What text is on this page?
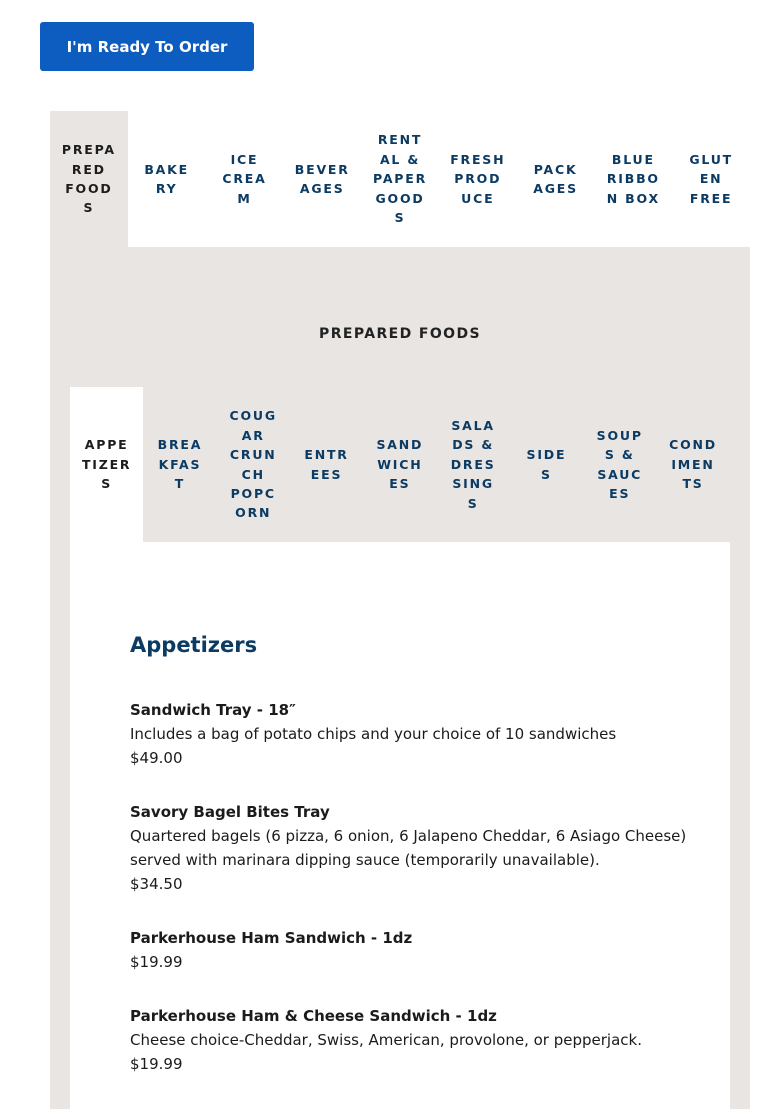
I'm Ready To Order
PREPA
RED
FOOD
S
BAKE
RY
ICE
CREA
M
BEVER
AGES
RENT
AL &
PAPER
GOOD
S
FRESH
PROD
UCE
PACK
AGES
BLUE
RIBBO
N BOX
GLUT
EN
FREE
PREPARED FOODS
APPE
TIZER
S
BREA
KFAS
T
COUG
AR
CRUN
CH
POPC
ORN
ENTR
EES
SAND
WICH
ES
SALA
DS &
DRES
SING
S
SIDE
S
SOUP
S &
SAUC
ES
COND
IMEN
TS
Appetizers
Sandwich Tray - 18″
Includes a bag of potato chips and your choice of 10 sandwiches
$49.00
Savory Bagel Bites Tray
Quartered bagels (6 pizza, 6 onion, 6 Jalapeno Cheddar, 6 Asiago Cheese) served with marinara dipping sauce (temporarily unavailable).
$34.50
Parkerhouse Ham Sandwich - 1dz
$19.99
Parkerhouse Ham & Cheese Sandwich - 1dz
Cheese choice-Cheddar, Swiss, American, provolone, or pepperjack.
$19.99
